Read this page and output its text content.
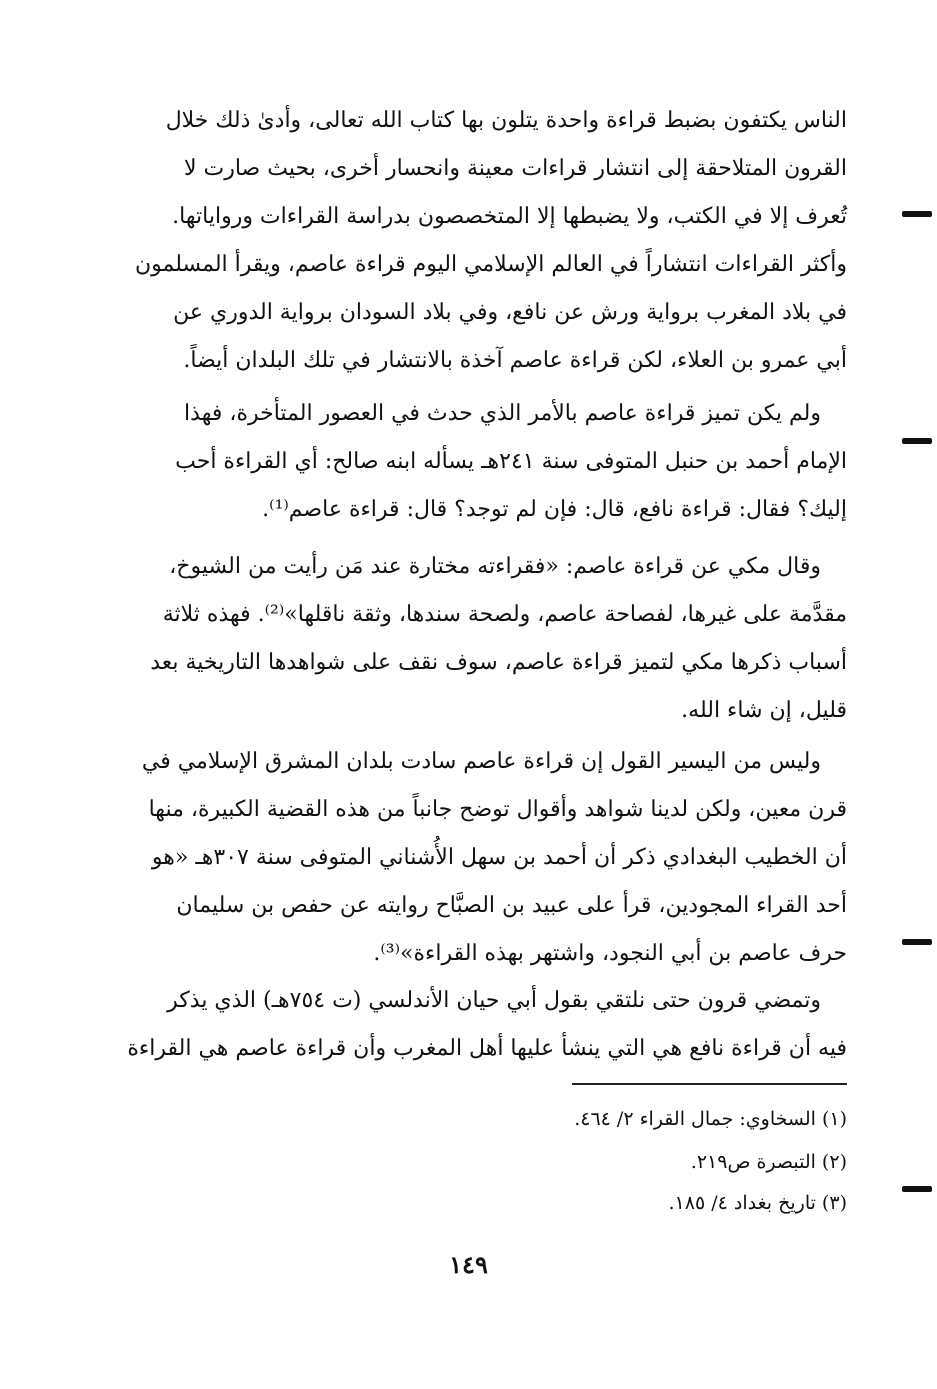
الناس يكتفون بضبط قراءة واحدة يتلون بها كتاب الله تعالى، وأدىٰ ذلك خلال
القرون المتلاحقة إلى انتشار قراءات معينة وانحسار أخرى، بحيث صارت لا
تُعرف إلا في الكتب، ولا يضبطها إلا المتخصصون بدراسة القراءات ورواياتها.
وأكثر القراءات انتشاراً في العالم الإسلامي اليوم قراءة عاصم، ويقرأ المسلمون
في بلاد المغرب برواية ورش عن نافع، وفي بلاد السودان برواية الدوري عن
أبي عمرو بن العلاء، لكن قراءة عاصم آخذة بالانتشار في تلك البلدان أيضاً.
ولم يكن تميز قراءة عاصم بالأمر الذي حدث في العصور المتأخرة، فهذا
الإمام أحمد بن حنبل المتوفى سنة ٢٤١هـ يسأله ابنه صالح: أي القراءة أحب
إليك؟ فقال: قراءة نافع، قال: فإن لم توجد؟ قال: قراءة عاصم⁽¹⁾.
وقال مكي عن قراءة عاصم: «فقراءته مختارة عند مَن رأيت من الشيوخ،
مقدَّمة على غيرها، لفصاحة عاصم، ولصحة سندها، وثقة ناقلها»⁽²⁾. فهذه ثلاثة
أسباب ذكرها مكي لتميز قراءة عاصم، سوف نقف على شواهدها التاريخية بعد
قليل، إن شاء الله.
وليس من اليسير القول إن قراءة عاصم سادت بلدان المشرق الإسلامي في
قرن معين، ولكن لدينا شواهد وأقوال توضح جانباً من هذه القضية الكبيرة، منها
أن الخطيب البغدادي ذكر أن أحمد بن سهل الأُشناني المتوفى سنة ٣٠٧هـ «هو
أحد القراء المجودين، قرأ على عبيد بن الصبَّاح روايته عن حفص بن سليمان
حرف عاصم بن أبي النجود، واشتهر بهذه القراءة»⁽³⁾.
وتمضي قرون حتى نلتقي بقول أبي حيان الأندلسي (ت ٧٥٤هـ) الذي يذكر
فيه أن قراءة نافع هي التي ينشأ عليها أهل المغرب وأن قراءة عاصم هي القراءة
(١) السخاوي: جمال القراء ٢/ ٤٦٤.
(٢) التبصرة ص٢١٩.
(٣) تاريخ بغداد ٤/ ١٨٥.
١٤٩
